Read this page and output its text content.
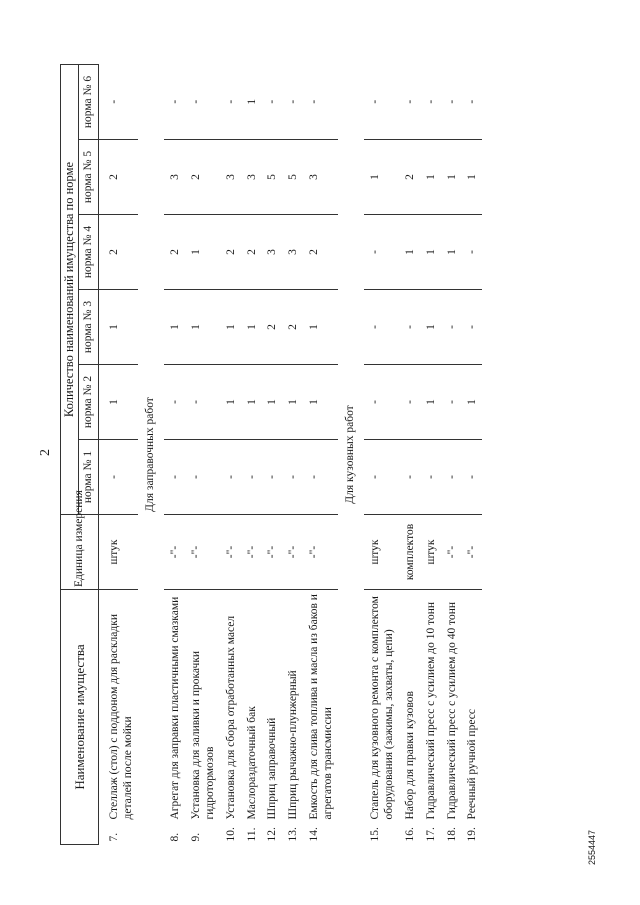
2
Наименование имущества	Единица измерения	Количество наименований имущества по норме					
		норма № 1	норма № 2	норма № 3	норма № 4	норма № 5	норма № 6

7.
Стеллаж (стол) с поддоном для раскладки деталей после мойки	штук	-	1	1	2	2	-
Для заправочных работ							

8.
Агрегат для заправки пластичными смазками	-"-	-	-	1	2	3	-

9.
Установка для заливки и прокачки гидротормозов	-"-	-	-	1	1	2	-

10.
Установка для сбора отработанных масел	-"-	-	1	1	2	3	-

11.
Маслораздаточный бак	-"-	-	1	1	2	3	1

12.
Шприц заправочный	-"-	-	1	2	3	5	-

13.
Шприц рычажно-плунжерный	-"-	-	1	2	3	5	-

14.
Емкость для слива топлива и масла из баков и агрегатов трансмиссии	-"-	-	1	1	2	3	-
Для кузовных работ							

15.
Стапель для кузовного ремонта с комплектом оборудования (зажимы, захваты, цепи)	штук	-	-	-	-	1	-

16.
Набор для правки кузовов	комплектов	-	-	-	1	2	-

17.
Гидравлический пресс с усилием до 10 тонн	штук	-	1	1	1	1	-

18.
Гидравлический пресс с усилием до 40 тонн	-"-	-	-	-	1	1	-

19.
Реечный ручной пресс	-"-	-	1	-	-	1	-
2554447
